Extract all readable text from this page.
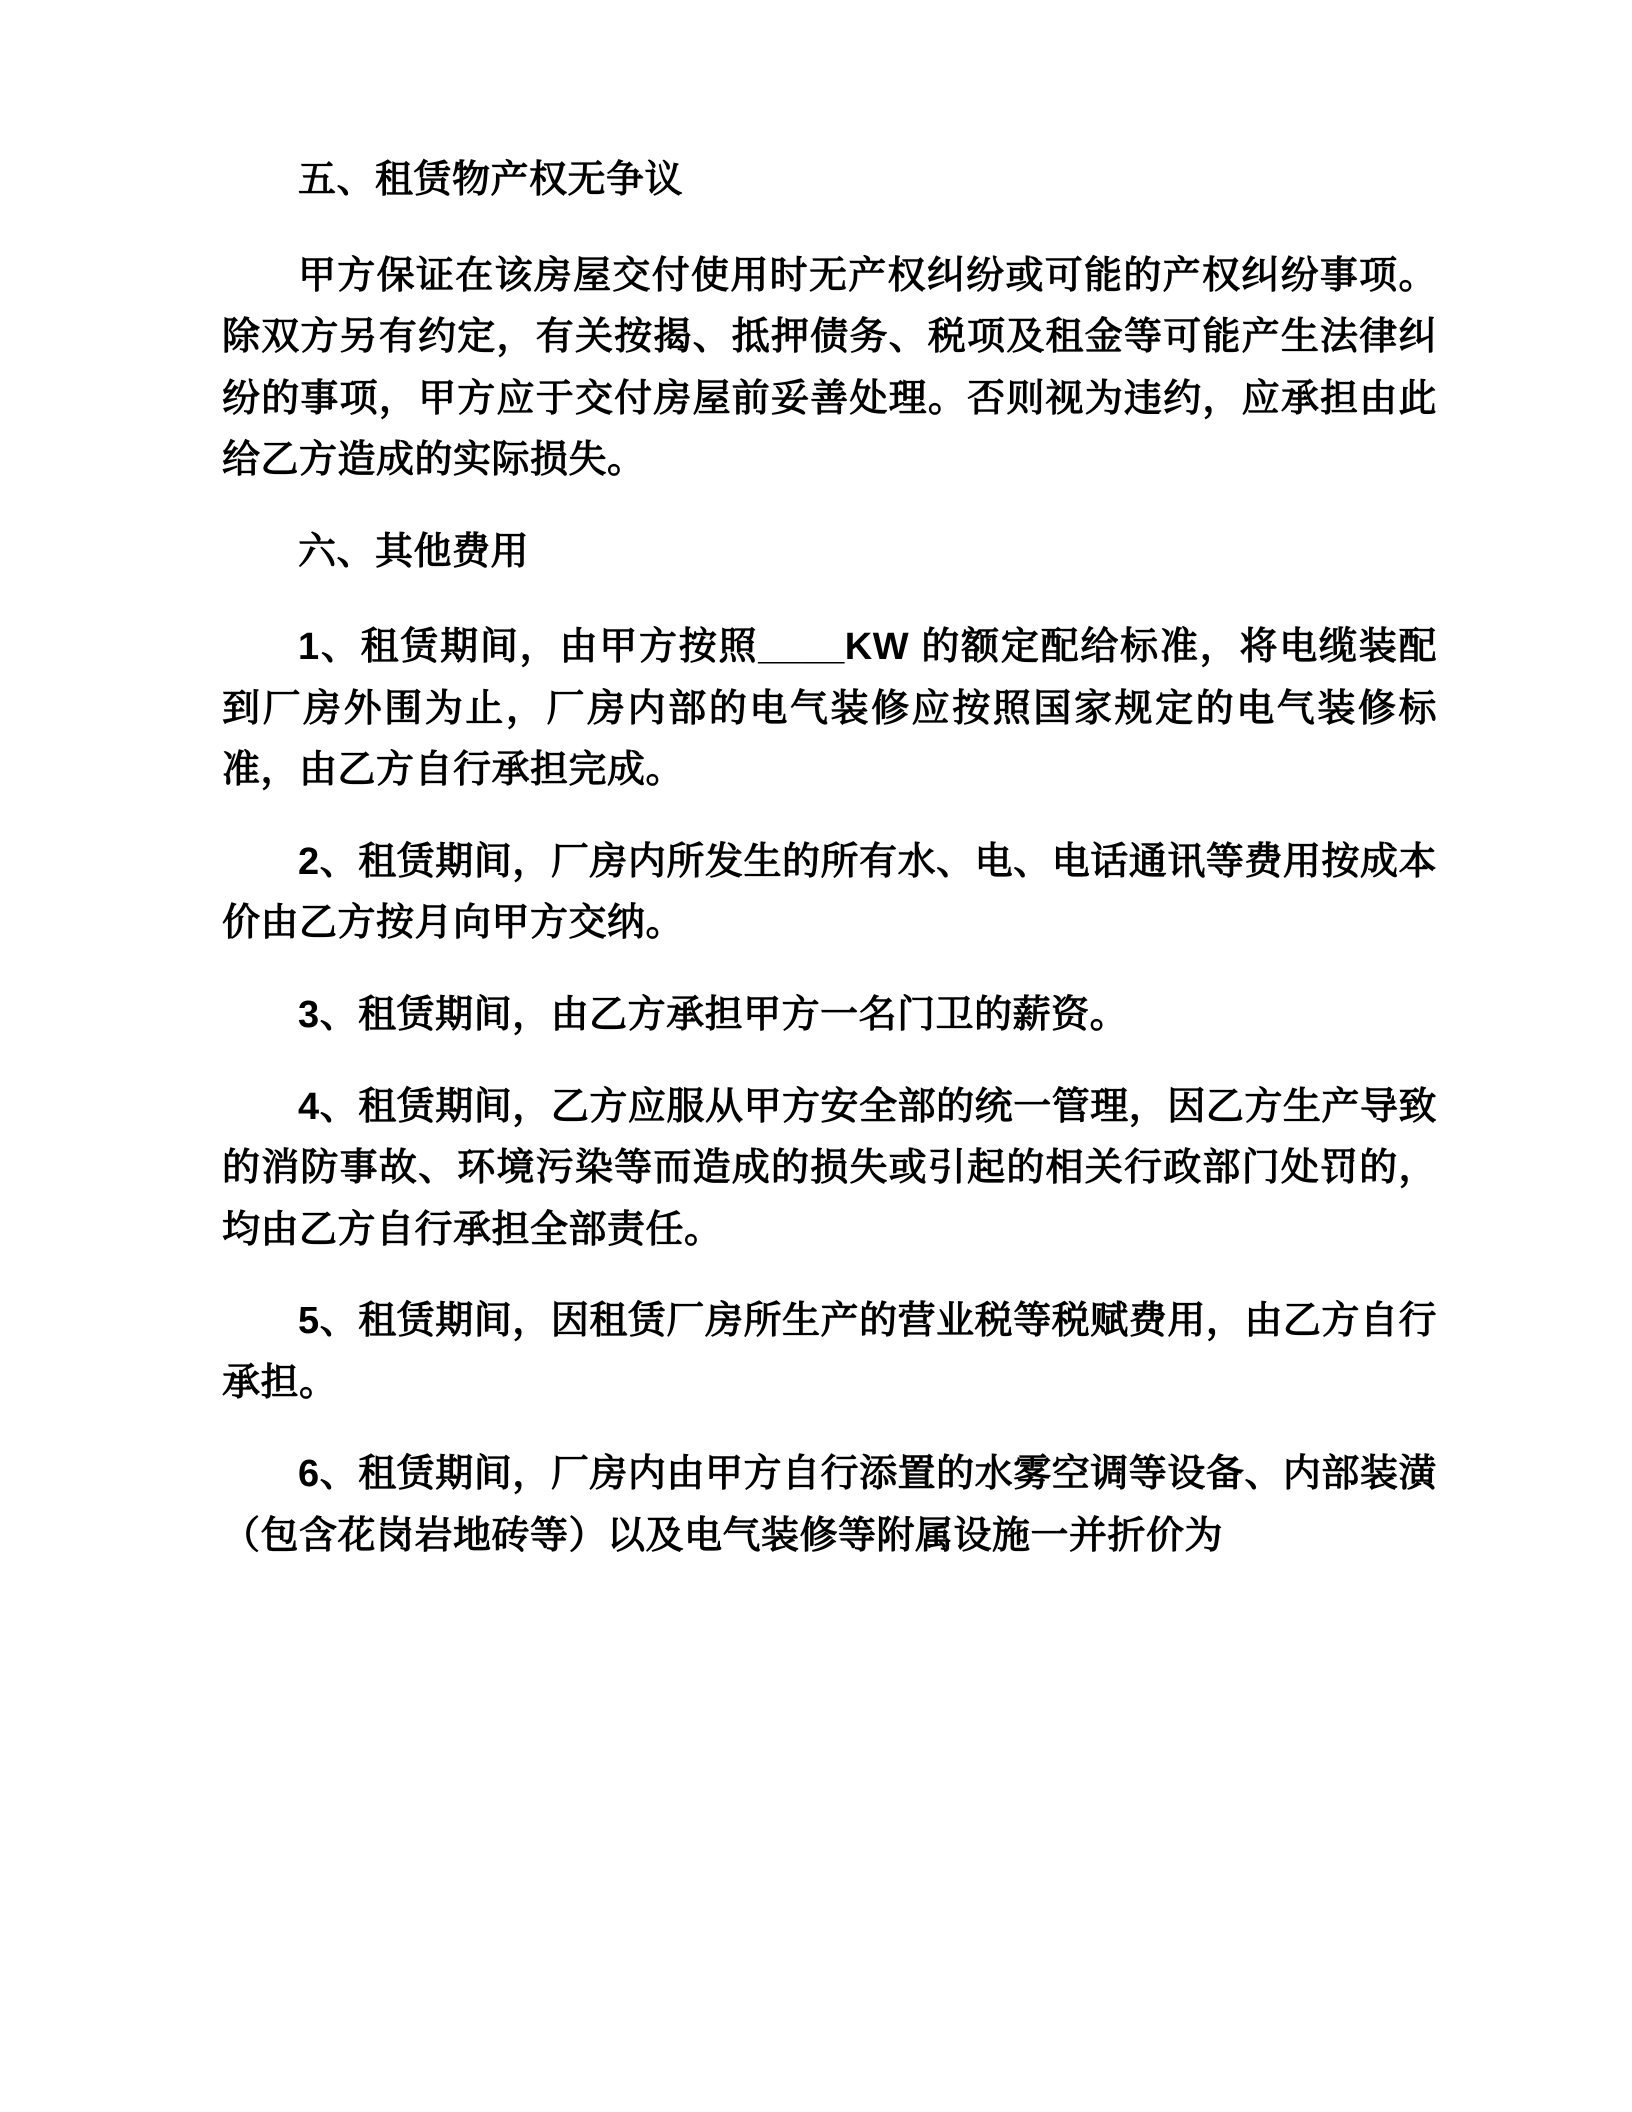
五、租赁物产权无争议

甲方保证在该房屋交付使用时无产权纠纷或可能的产权纠纷事项。除双方另有约定，有关按揭、抵押债务、税项及租金等可能产生法律纠纷的事项，甲方应于交付房屋前妥善处理。否则视为违约，应承担由此给乙方造成的实际损失。

六、其他费用

1、租赁期间，由甲方按照____KW 的额定配给标准，将电缆装配到厂房外围为止，厂房内部的电气装修应按照国家规定的电气装修标准，由乙方自行承担完成。

2、租赁期间，厂房内所发生的所有水、电、电话通讯等费用按成本价由乙方按月向甲方交纳。

3、租赁期间，由乙方承担甲方一名门卫的薪资。

4、租赁期间，乙方应服从甲方安全部的统一管理，因乙方生产导致的消防事故、环境污染等而造成的损失或引起的相关行政部门处罚的，均由乙方自行承担全部责任。

5、租赁期间，因租赁厂房所生产的营业税等税赋费用，由乙方自行承担。

6、租赁期间，厂房内由甲方自行添置的水雾空调等设备、内部装潢（包含花岗岩地砖等）以及电气装修等附属设施一并折价为
